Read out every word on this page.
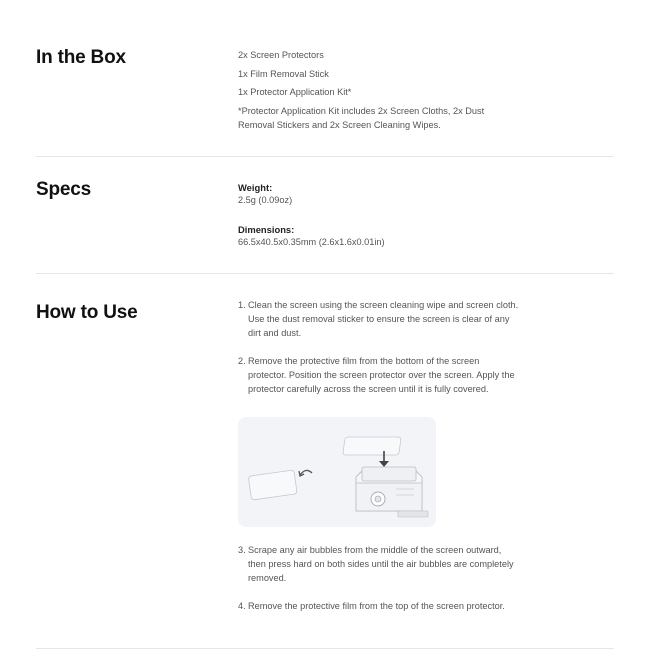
In the Box	2x Screen Protectors
1x Film Removal Stick
1x Protector Application Kit*
*Protector Application Kit includes 2x Screen Cloths, 2x Dust Removal Stickers and 2x Screen Cleaning Wipes.
Specs	Weight:
2.5g (0.09oz)
Dimensions:
66.5x40.5x0.35mm (2.6x1.6x0.01in)
How to Use	1. Clean the screen using the screen cleaning wipe and screen cloth. Use the dust removal sticker to ensure the screen is clear of any dirt and dust.
2. Remove the protective film from the bottom of the screen protector. Position the screen protector over the screen. Apply the protector carefully across the screen until it is fully covered.
3. Scrape any air bubbles from the middle of the screen outward, then press hard on both sides until the air bubbles are completely removed.
4. Remove the protective film from the top of the screen protector.
